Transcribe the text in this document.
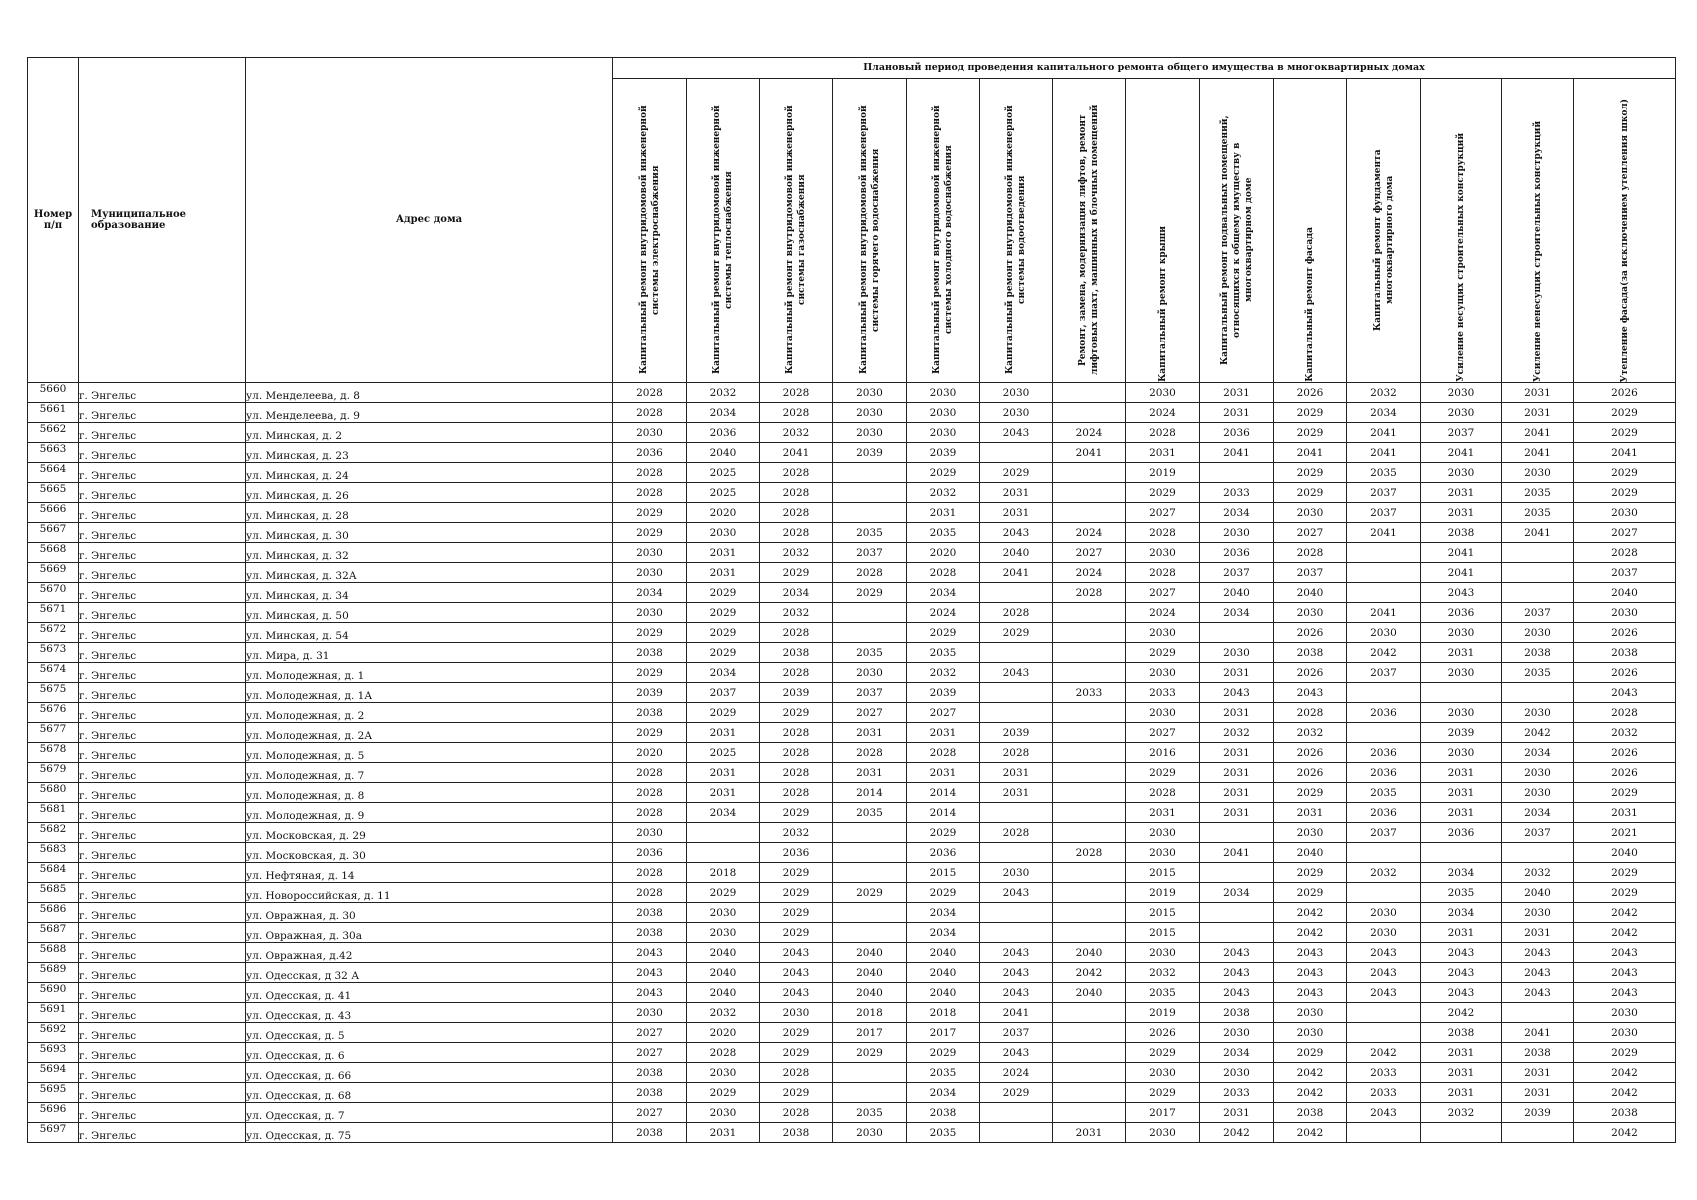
Номер п/п	Муниципальное образование	Адрес дома	Плановый период проведения капитального ремонта общего имущества в многоквартирных домах													

			Капитальный ремонт внутридомовой инженерной системы электроснабжения	Капитальный ремонт внутридомовой инженерной системы теплоснабжения	Капитальный ремонт внутридомовой инженерной системы газоснабжения	Капитальный ремонт внутридомовой инженерной системы горячего водоснабжения	Капитальный ремонт внутридомовой инженерной системы холодного водоснабжения	Капитальный ремонт внутридомовой инженерной системы водоотведения	Ремонт, замена, модернизация лифтов, ремонт лифтовых шахт, машинных и блочных помещений	Капитальный ремонт крыши	Капитальный ремонт подвальных помещений, относящихся к общему имуществу в многоквартирном доме	Капитальный ремонт фасада	Капитальный ремонт фундамента многоквартирного дома	Усиление несущих строительных конструкций	Усиление ненесущих строительных конструкций	Утепление фасада(за исключением утепления школ)

5660	г. Энгельс	ул. Менделеева, д. 8	2028	2032	2028	2030	2030	2030		2030	2031	2026	2032	2030	2031	2026
5661	г. Энгельс	ул. Менделеева, д. 9	2028	2034	2028	2030	2030	2030		2024	2031	2029	2034	2030	2031	2029
5662	г. Энгельс	ул. Минская, д. 2	2030	2036	2032	2030	2030	2043	2024	2028	2036	2029	2041	2037	2041	2029
5663	г. Энгельс	ул. Минская, д. 23	2036	2040	2041	2039	2039		2041	2031	2041	2041	2041	2041	2041	2041
5664	г. Энгельс	ул. Минская, д. 24	2028	2025	2028		2029	2029		2019		2029	2035	2030	2030	2029
5665	г. Энгельс	ул. Минская, д. 26	2028	2025	2028		2032	2031		2029	2033	2029	2037	2031	2035	2029
5666	г. Энгельс	ул. Минская, д. 28	2029	2020	2028		2031	2031		2027	2034	2030	2037	2031	2035	2030
5667	г. Энгельс	ул. Минская, д. 30	2029	2030	2028	2035	2035	2043	2024	2028	2030	2027	2041	2038	2041	2027
5668	г. Энгельс	ул. Минская, д. 32	2030	2031	2032	2037	2020	2040	2027	2030	2036	2028		2041		2028
5669	г. Энгельс	ул. Минская, д. 32А	2030	2031	2029	2028	2028	2041	2024	2028	2037	2037		2041		2037
5670	г. Энгельс	ул. Минская, д. 34	2034	2029	2034	2029	2034		2028	2027	2040	2040		2043		2040
5671	г. Энгельс	ул. Минская, д. 50	2030	2029	2032		2024	2028		2024	2034	2030	2041	2036	2037	2030
5672	г. Энгельс	ул. Минская, д. 54	2029	2029	2028		2029	2029		2030		2026	2030	2030	2030	2026
5673	г. Энгельс	ул. Мира, д. 31	2038	2029	2038	2035	2035			2029	2030	2038	2042	2031	2038	2038
5674	г. Энгельс	ул. Молодежная, д. 1	2029	2034	2028	2030	2032	2043		2030	2031	2026	2037	2030	2035	2026
5675	г. Энгельс	ул. Молодежная, д. 1А	2039	2037	2039	2037	2039		2033	2033	2043	2043				2043
5676	г. Энгельс	ул. Молодежная, д. 2	2038	2029	2029	2027	2027			2030	2031	2028	2036	2030	2030	2028
5677	г. Энгельс	ул. Молодежная, д. 2А	2029	2031	2028	2031	2031	2039		2027	2032	2032		2039	2042	2032
5678	г. Энгельс	ул. Молодежная, д. 5	2020	2025	2028	2028	2028	2028		2016	2031	2026	2036	2030	2034	2026
5679	г. Энгельс	ул. Молодежная, д. 7	2028	2031	2028	2031	2031	2031		2029	2031	2026	2036	2031	2030	2026
5680	г. Энгельс	ул. Молодежная, д. 8	2028	2031	2028	2014	2014	2031		2028	2031	2029	2035	2031	2030	2029
5681	г. Энгельс	ул. Молодежная, д. 9	2028	2034	2029	2035	2014			2031	2031	2031	2036	2031	2034	2031
5682	г. Энгельс	ул. Московская, д. 29	2030		2032		2029	2028		2030		2030	2037	2036	2037	2021
5683	г. Энгельс	ул. Московская, д. 30	2036		2036		2036		2028	2030	2041	2040				2040
5684	г. Энгельс	ул. Нефтяная, д. 14	2028	2018	2029		2015	2030		2015		2029	2032	2034	2032	2029
5685	г. Энгельс	ул. Новороссийская, д. 11	2028	2029	2029	2029	2029	2043		2019	2034	2029		2035	2040	2029
5686	г. Энгельс	ул. Овражная, д. 30	2038	2030	2029		2034			2015		2042	2030	2034	2030	2042
5687	г. Энгельс	ул. Овражная, д. 30а	2038	2030	2029		2034			2015		2042	2030	2031	2031	2042
5688	г. Энгельс	ул. Овражная, д.42	2043	2040	2043	2040	2040	2043	2040	2030	2043	2043	2043	2043	2043	2043
5689	г. Энгельс	ул. Одесская, д 32 А	2043	2040	2043	2040	2040	2043	2042	2032	2043	2043	2043	2043	2043	2043
5690	г. Энгельс	ул. Одесская, д. 41	2043	2040	2043	2040	2040	2043	2040	2035	2043	2043	2043	2043	2043	2043
5691	г. Энгельс	ул. Одесская, д. 43	2030	2032	2030	2018	2018	2041		2019	2038	2030		2042		2030
5692	г. Энгельс	ул. Одесская, д. 5	2027	2020	2029	2017	2017	2037		2026	2030	2030		2038	2041	2030
5693	г. Энгельс	ул. Одесская, д. 6	2027	2028	2029	2029	2029	2043		2029	2034	2029	2042	2031	2038	2029
5694	г. Энгельс	ул. Одесская, д. 66	2038	2030	2028		2035	2024		2030	2030	2042	2033	2031	2031	2042
5695	г. Энгельс	ул. Одесская, д. 68	2038	2029	2029		2034	2029		2029	2033	2042	2033	2031	2031	2042
5696	г. Энгельс	ул. Одесская, д. 7	2027	2030	2028	2035	2038			2017	2031	2038	2043	2032	2039	2038
5697	г. Энгельс	ул. Одесская, д. 75	2038	2031	2038	2030	2035		2031	2030	2042	2042				2042
